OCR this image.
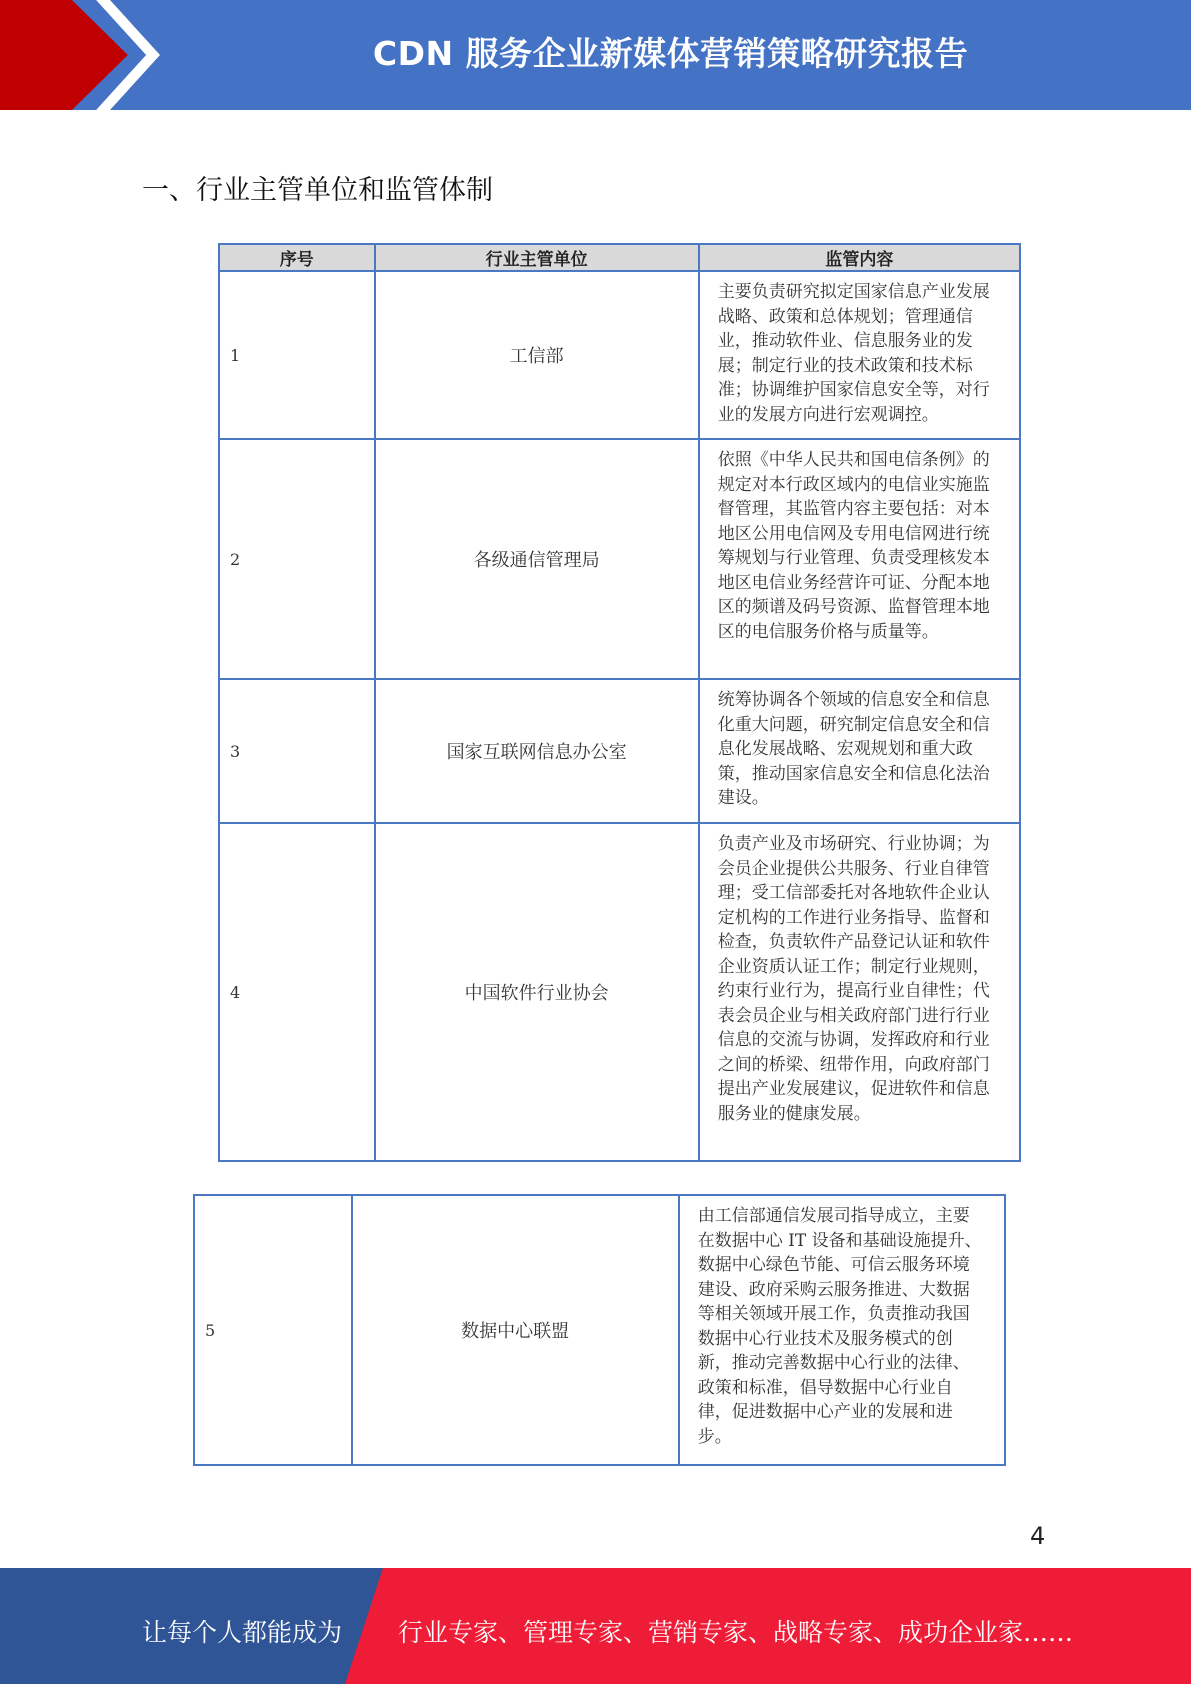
CDN 服务企业新媒体营销策略研究报告
一、行业主管单位和监管体制
序号	行业主管单位	监管内容
1	工信部	主要负责研究拟定国家信息产业发展战略、政策和总体规划；管理通信业，推动软件业、信息服务业的发展；制定行业的技术政策和技术标准；协调维护国家信息安全等，对行业的发展方向进行宏观调控。
2	各级通信管理局	依照《中华人民共和国电信条例》的规定对本行政区域内的电信业实施监督管理，其监管内容主要包括：对本地区公用电信网及专用电信网进行统筹规划与行业管理、负责受理核发本地区电信业务经营许可证、分配本地区的频谱及码号资源、监督管理本地区的电信服务价格与质量等。
3	国家互联网信息办公室	统筹协调各个领域的信息安全和信息化重大问题，研究制定信息安全和信息化发展战略、宏观规划和重大政策，推动国家信息安全和信息化法治建设。
4	中国软件行业协会	负责产业及市场研究、行业协调；为会员企业提供公共服务、行业自律管理；受工信部委托对各地软件企业认定机构的工作进行业务指导、监督和检查，负责软件产品登记认证和软件企业资质认证工作；制定行业规则，约束行业行为，提高行业自律性；代表会员企业与相关政府部门进行行业信息的交流与协调，发挥政府和行业之间的桥梁、纽带作用，向政府部门提出产业发展建议，促进软件和信息服务业的健康发展。
5	数据中心联盟	由工信部通信发展司指导成立，主要在数据中心 IT 设备和基础设施提升、数据中心绿色节能、可信云服务环境建设、政府采购云服务推进、大数据等相关领域开展工作，负责推动我国数据中心行业技术及服务模式的创新，推动完善数据中心行业的法律、政策和标准，倡导数据中心行业自律，促进数据中心产业的发展和进步。
4
让每个人都能成为 行业专家、管理专家、营销专家、战略专家、成功企业家……
